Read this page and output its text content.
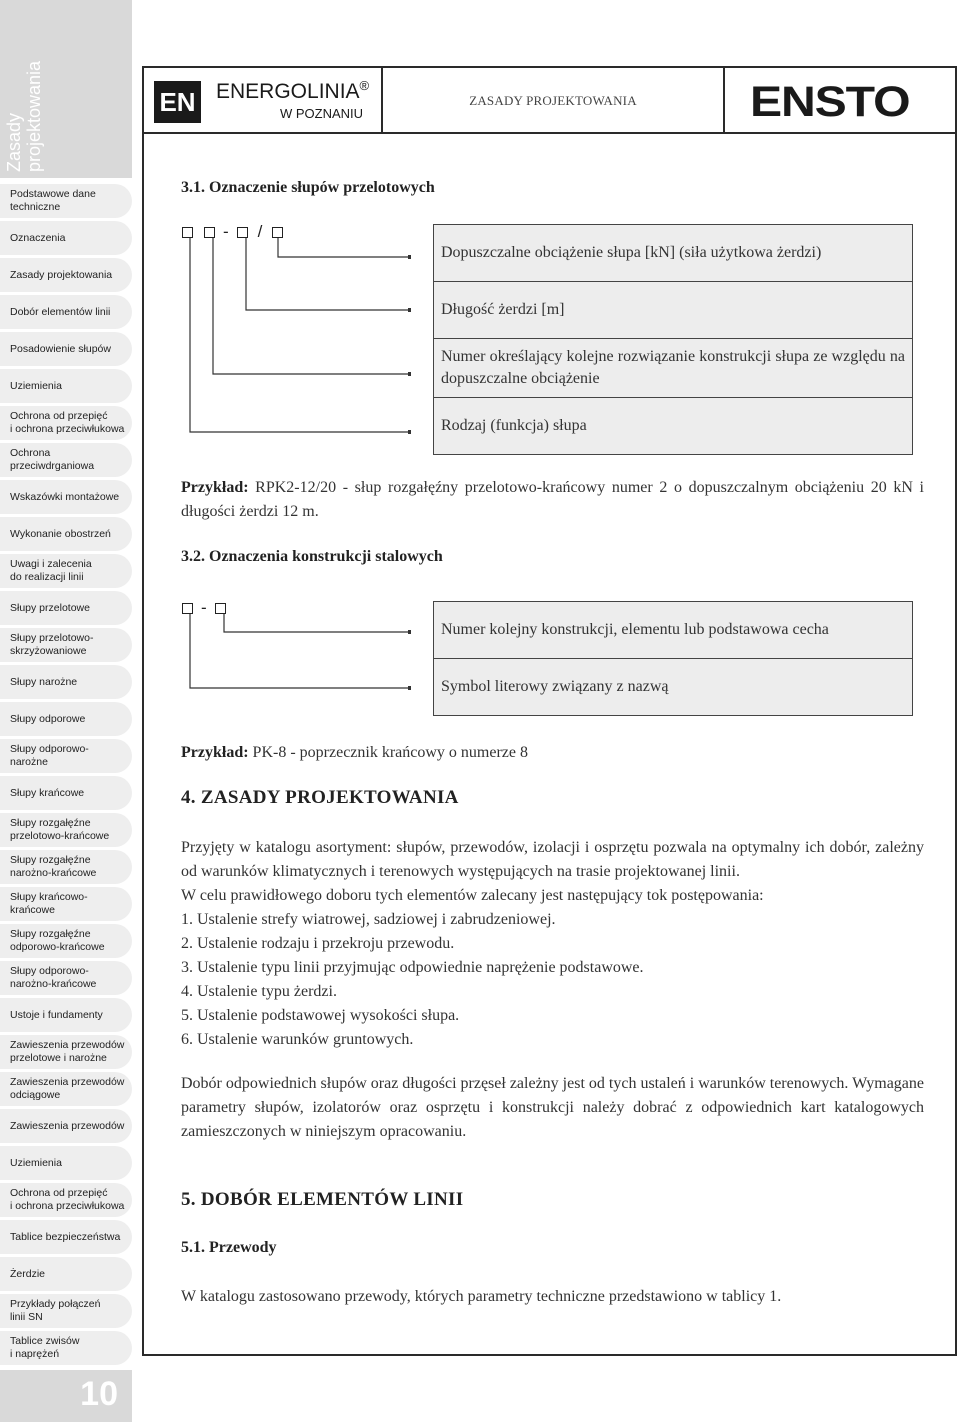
Zasady
projektowania
Podstawowe dane
techniczne
Oznaczenia
Zasady projektowania
Dobór elementów linii
Posadowienie słupów
Uziemienia
Ochrona od przepięć
i ochrona przeciwłukowa
Ochrona
przeciwdrganiowa
Wskazówki montażowe
Wykonanie obostrzeń
Uwagi i zalecenia
do realizacji linii
Słupy przelotowe
Słupy przelotowo-
skrzyżowaniowe
Słupy narożne
Słupy odporowe
Słupy odporowo-narożne
Słupy krańcowe
Słupy rozgałęźne
przelotowo-krańcowe
Słupy rozgałęźne
narożno-krańcowe
Słupy krańcowo-
krańcowe
Słupy rozgałęźne
odporowo-krańcowe
Słupy odporowo-
narożno-krańcowe
Ustoje i fundamenty
Zawieszenia przewodów
przelotowe i narożne
Zawieszenia przewodów
odciągowe
Zawieszenia przewodów
Uziemienia
Ochrona od przepięć
i ochrona przeciwłukowa
Tablice bezpieczeństwa
Żerdzie
Przykłady połączeń
linii SN
Tablice zwisów
i naprężeń
10
EN ENERGOLINIA®
W POZNANIU
ZASADY PROJEKTOWANIA	ENSTO
3.1. Oznaczenie słupów przelotowych
- /
Dopuszczalne obciążenie słupa [kN] (siła użytkowa żerdzi)
Długość żerdzi [m]
Numer określający kolejne rozwiązanie konstrukcji słupa ze względu na dopuszczalne obciążenie
Rodzaj (funkcja) słupa

Przykład: RPK2-12/20 - słup rozgałęźny przelotowo-krańcowy numer 2 o dopuszczalnym obciążeniu 20 kN i długości żerdzi 12 m.

3.2. Oznaczenia konstrukcji stalowych
-
Numer kolejny konstrukcji, elementu lub podstawowa cecha
Symbol literowy związany z nazwą

Przykład: PK-8 - poprzecznik krańcowy o numerze 8

4. ZASADY PROJEKTOWANIA

Przyjęty w katalogu asortyment: słupów, przewodów, izolacji i osprzętu pozwala na optymalny ich dobór, zależny od warunków klimatycznych i terenowych występujących na trasie projektowanej linii.

W celu prawidłowego doboru tych elementów zalecany jest następujący tok postępowania:

1. Ustalenie strefy wiatrowej, sadziowej i zabrudzeniowej.

2. Ustalenie rodzaju i przekroju przewodu.

3. Ustalenie typu linii przyjmując odpowiednie naprężenie podstawowe.

4. Ustalenie typu żerdzi.

5. Ustalenie podstawowej wysokości słupa.

6. Ustalenie warunków gruntowych.

Dobór odpowiednich słupów oraz długości przęseł zależny jest od tych ustaleń i warunków terenowych. Wymagane parametry słupów, izolatorów oraz osprzętu i konstrukcji należy dobrać z odpowiednich kart katalogowych zamieszczonych w niniejszym opracowaniu.

5. DOBÓR ELEMENTÓW LINII
5.1. Przewody

W katalogu zastosowano przewody, których parametry techniczne przedstawiono w tablicy 1.
